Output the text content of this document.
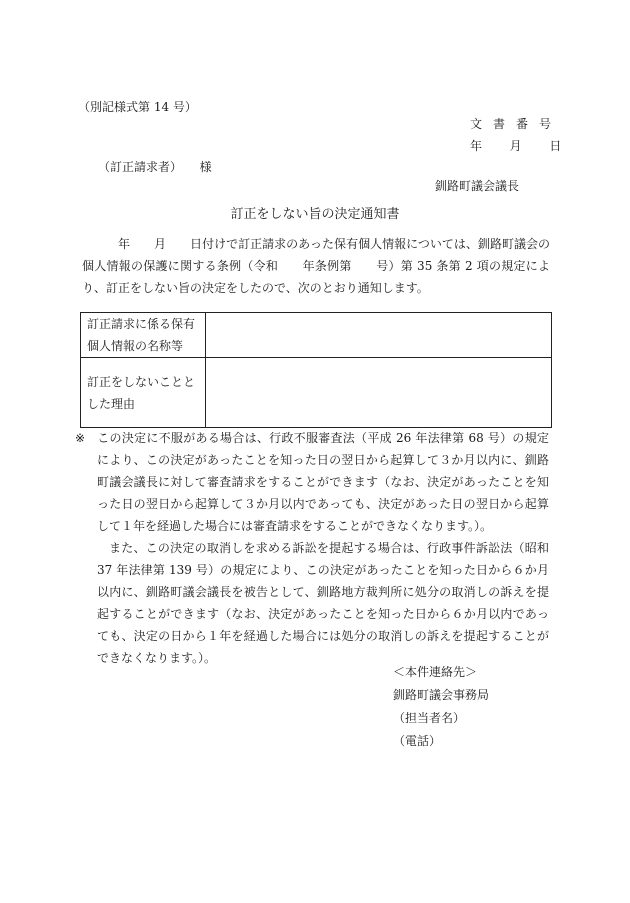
（別記様式第 14 号）
文書番号
年 月 日
（訂正請求者） 様
釧路町議会議長
訂正をしない旨の決定通知書
年　　月　　日付けで訂正請求のあった保有個人情報については、釧路町議会の個人情報の保護に関する条例（令和　　年条例第　　号）第 35 条第 2 項の規定により、訂正をしない旨の決定をしたので、次のとおり通知します。
訂正請求に係る保有
個人情報の名称等	

訂正をしないことと
した理由	

※ この決定に不服がある場合は、行政不服審査法（平成 26 年法律第 68 号）の規定により、この決定があったことを知った日の翌日から起算して３か月以内に、釧路町議会議長に対して審査請求をすることができます（なお、決定があったことを知った日の翌日から起算して３か月以内であっても、決定があった日の翌日から起算して１年を経過した場合には審査請求をすることができなくなります。）。

また、この決定の取消しを求める訴訟を提起する場合は、行政事件訴訟法（昭和 37 年法律第 139 号）の規定により、この決定があったことを知った日から６か月以内に、釧路町議会議長を被告として、釧路地方裁判所に処分の取消しの訴えを提起することができます（なお、決定があったことを知った日から６か月以内であっても、決定の日から１年を経過した場合には処分の取消しの訴えを提起することができなくなります。）。

＜本件連絡先＞
釧路町議会事務局
（担当者名）
（電話）
